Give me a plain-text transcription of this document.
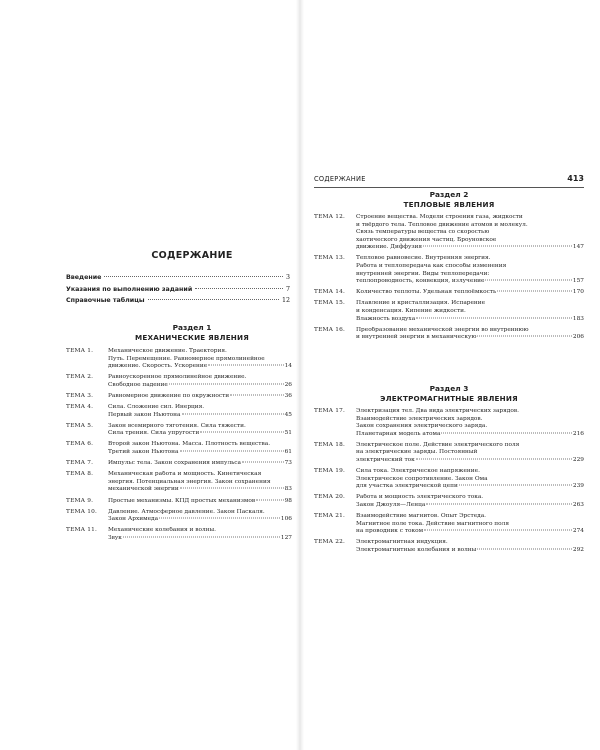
СОДЕРЖАНИЕ	413
СОДЕРЖАНИЕ
Введение	3
Указания по выполнению заданий	7
Справочные таблицы	12
Раздел 1
МЕХАНИЧЕСКИЕ ЯВЛЕНИЯ
ТЕМА 1.	Механическое движение. Траектория.
Путь. Перемещение. Равномерное прямолинейное
движение. Скорость. Ускорение	14
ТЕМА 2.	Равноускоренное прямолинейное движение.
Свободное падение	26
ТЕМА 3.	Равномерное движение по окружности	36
ТЕМА 4.	Сила. Сложение сил. Инерция.
Первый закон Ньютона	45
ТЕМА 5.	Закон всемирного тяготения. Сила тяжести.
Сила трения. Сила упругости	51
ТЕМА 6.	Второй закон Ньютона. Масса. Плотность вещества.
Третий закон Ньютона	61
ТЕМА 7.	Импульс тела. Закон сохранения импульса	73
ТЕМА 8.	Механическая работа и мощность. Кинетическая
энергия. Потенциальная энергия. Закон сохранения
механической энергии	83
ТЕМА 9.	Простые механизмы. КПД простых механизмов	98
ТЕМА 10.	Давление. Атмосферное давление. Закон Паскаля.
Закон Архимеда	106
ТЕМА 11.	Механические колебания и волны.
Звук	127
Раздел 2
ТЕПЛОВЫЕ ЯВЛЕНИЯ
ТЕМА 12.	Строение вещества. Модели строения газа, жидкости
и твёрдого тела. Тепловое движение атомов и молекул.
Связь температуры вещества со скоростью
хаотического движения частиц. Броуновское
движение. Диффузия	147
ТЕМА 13.	Тепловое равновесие. Внутренняя энергия.
Работа и теплопередача как способы изменения
внутренней энергии. Виды теплопередачи:
теплопроводность, конвекция, излучение	157
ТЕМА 14.	Количество теплоты. Удельная теплоёмкость	170
ТЕМА 15.	Плавление и кристаллизация. Испарение
и конденсация. Кипение жидкости.
Влажность воздуха	183
ТЕМА 16.	Преобразование механической энергии во внутреннюю
и внутренней энергии в механическую	206
Раздел 3
ЭЛЕКТРОМАГНИТНЫЕ ЯВЛЕНИЯ
ТЕМА 17.	Электризация тел. Два вида электрических зарядов.
Взаимодействие электрических зарядов.
Закон сохранения электрического заряда.
Планетарная модель атома	216
ТЕМА 18.	Электрическое поле. Действие электрического поля
на электрические заряды. Постоянный
электрический ток	229
ТЕМА 19.	Сила тока. Электрическое напряжение.
Электрическое сопротивление. Закон Ома
для участка электрической цепи	239
ТЕМА 20.	Работа и мощность электрического тока.
Закон Джоуля—Ленца	263
ТЕМА 21.	Взаимодействие магнитов. Опыт Эрстеда.
Магнитное поле тока. Действие магнитного поля
на проводник с током	274
ТЕМА 22.	Электромагнитная индукция.
Электромагнитные колебания и волны	292
